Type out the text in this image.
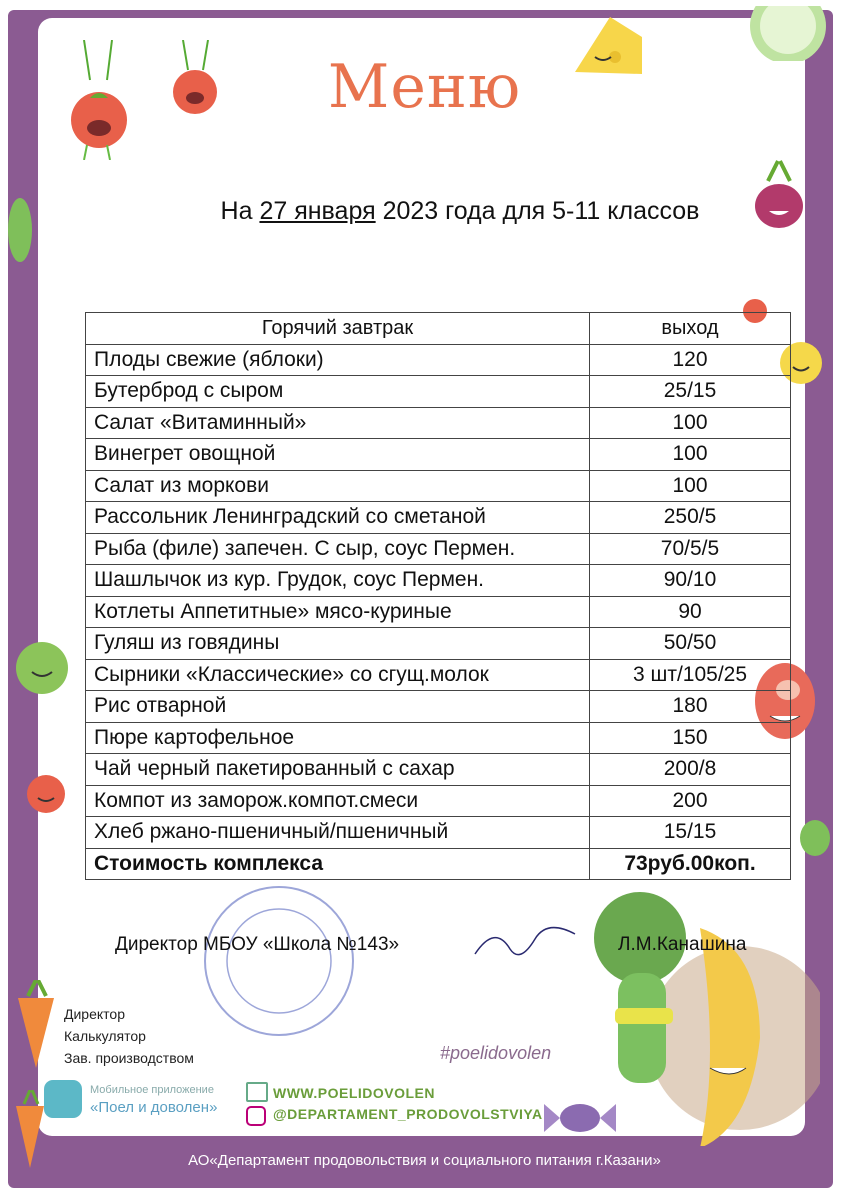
Меню
На 27 января 2023 года для 5-11 классов
Горячий завтрак	выход
Плоды свежие (яблоки)	120
Бутерброд с сыром	25/15
Салат «Витаминный»	100
Винегрет овощной	100
Салат из моркови	100
Рассольник Ленинградский со сметаной	250/5
Рыба (филе) запечен. С сыр, соус Пермен.	70/5/5
Шашлычок из кур. Грудок, соус Пермен.	90/10
Котлеты Аппетитные» мясо-куриные	90
Гуляш из говядины	50/50
Сырники «Классические» со сгущ.молок	3 шт/105/25
Рис отварной	180
Пюре картофельное	150
Чай черный пакетированный с сахар	200/8
Компот из заморож.компот.смеси	200
Хлеб ржано-пшеничный/пшеничный	15/15
Стоимость комплекса	73руб.00коп.
Директор МБОУ «Школа №143»	Л.М.Канашина
Директор
Калькулятор
Зав. производством	#poelidovolen
Мобильное приложение
«Поел и доволен»
WWW.POELIDOVOLEN
@DEPARTAMENT_PRODOVOLSTVIYA
АО«Департамент продовольствия и социального питания г.Казани»
